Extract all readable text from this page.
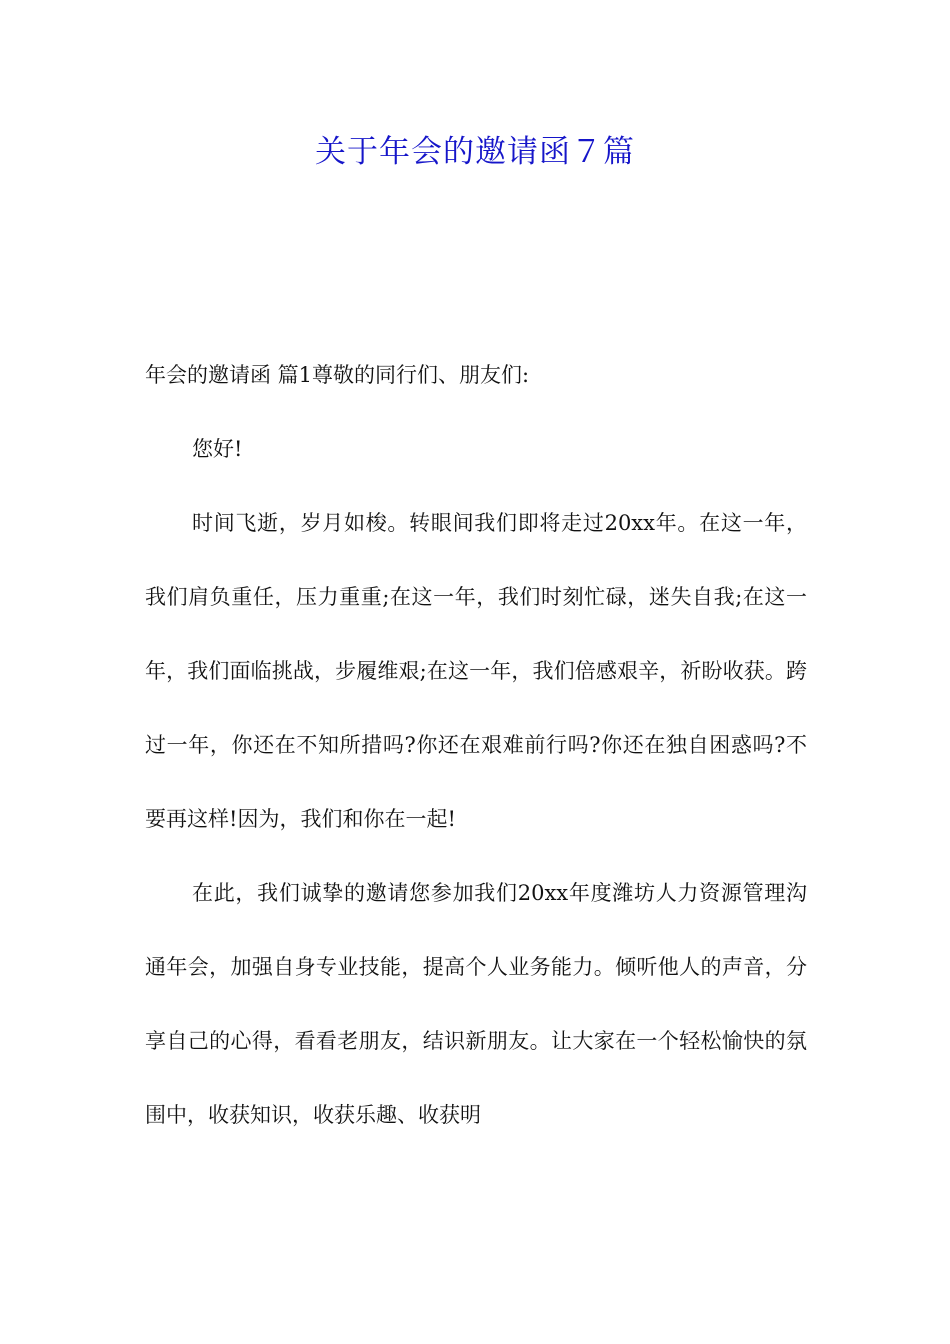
关于年会的邀请函７篇

年会的邀请函 篇1尊敬的同行们、朋友们:

您好!

时间飞逝，岁月如梭。转眼间我们即将走过20xx年。在这一年，我们肩负重任，压力重重;在这一年，我们时刻忙碌，迷失自我;在这一年，我们面临挑战，步履维艰;在这一年，我们倍感艰辛，祈盼收获。跨过一年，你还在不知所措吗?你还在艰难前行吗?你还在独自困惑吗?不要再这样!因为，我们和你在一起!

在此，我们诚挚的邀请您参加我们20xx年度潍坊人力资源管理沟通年会，加强自身专业技能，提高个人业务能力。倾听他人的声音，分享自己的心得，看看老朋友，结识新朋友。让大家在一个轻松愉快的氛围中，收获知识，收获乐趣、收获明
